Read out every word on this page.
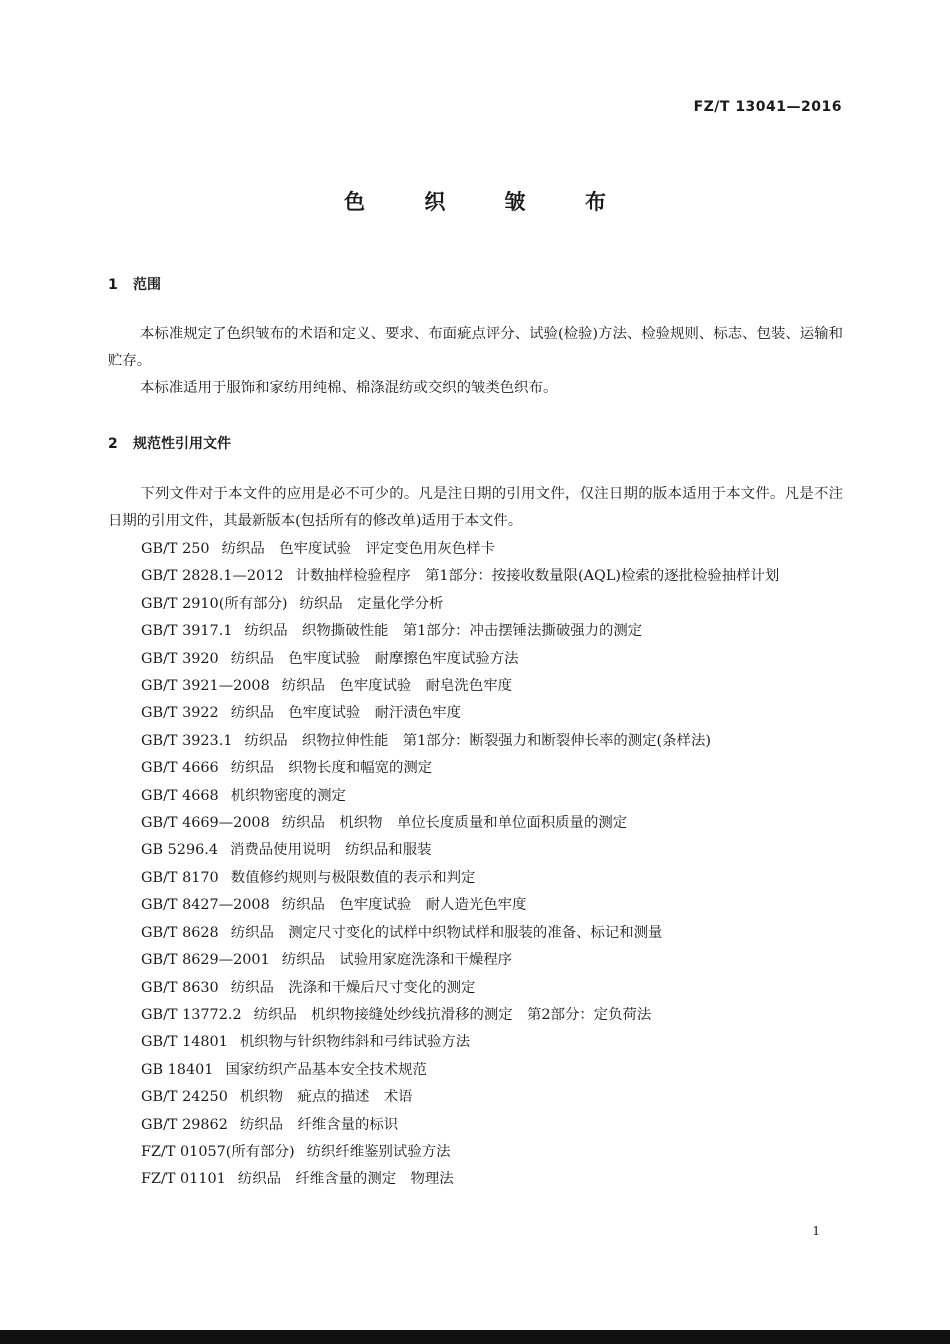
FZ/T 13041—2016
色 织 皱 布
1 范围
本标准规定了色织皱布的术语和定义、要求、布面疵点评分、试验(检验)方法、检验规则、标志、包装、运输和贮存。
本标准适用于服饰和家纺用纯棉、棉涤混纺或交织的皱类色织布。
2 规范性引用文件
下列文件对于本文件的应用是必不可少的。凡是注日期的引用文件，仅注日期的版本适用于本文件。凡是不注日期的引用文件，其最新版本(包括所有的修改单)适用于本文件。
GB/T 250 纺织品　色牢度试验　评定变色用灰色样卡
GB/T 2828.1—2012 计数抽样检验程序　第1部分：按接收数量限(AQL)检索的逐批检验抽样计划
GB/T 2910(所有部分) 纺织品　定量化学分析
GB/T 3917.1 纺织品　织物撕破性能　第1部分：冲击摆锤法撕破强力的测定
GB/T 3920 纺织品　色牢度试验　耐摩擦色牢度试验方法
GB/T 3921—2008 纺织品　色牢度试验　耐皂洗色牢度
GB/T 3922 纺织品　色牢度试验　耐汗渍色牢度
GB/T 3923.1 纺织品　织物拉伸性能　第1部分：断裂强力和断裂伸长率的测定(条样法)
GB/T 4666 纺织品　织物长度和幅宽的测定
GB/T 4668 机织物密度的测定
GB/T 4669—2008 纺织品　机织物　单位长度质量和单位面积质量的测定
GB 5296.4 消费品使用说明　纺织品和服装
GB/T 8170 数值修约规则与极限数值的表示和判定
GB/T 8427—2008 纺织品　色牢度试验　耐人造光色牢度
GB/T 8628 纺织品　测定尺寸变化的试样中织物试样和服装的准备、标记和测量
GB/T 8629—2001 纺织品　试验用家庭洗涤和干燥程序
GB/T 8630 纺织品　洗涤和干燥后尺寸变化的测定
GB/T 13772.2 纺织品　机织物接缝处纱线抗滑移的测定　第2部分：定负荷法
GB/T 14801 机织物与针织物纬斜和弓纬试验方法
GB 18401 国家纺织产品基本安全技术规范
GB/T 24250 机织物　疵点的描述　术语
GB/T 29862 纺织品　纤维含量的标识
FZ/T 01057(所有部分) 纺织纤维鉴别试验方法
FZ/T 01101 纺织品　纤维含量的测定　物理法
1
